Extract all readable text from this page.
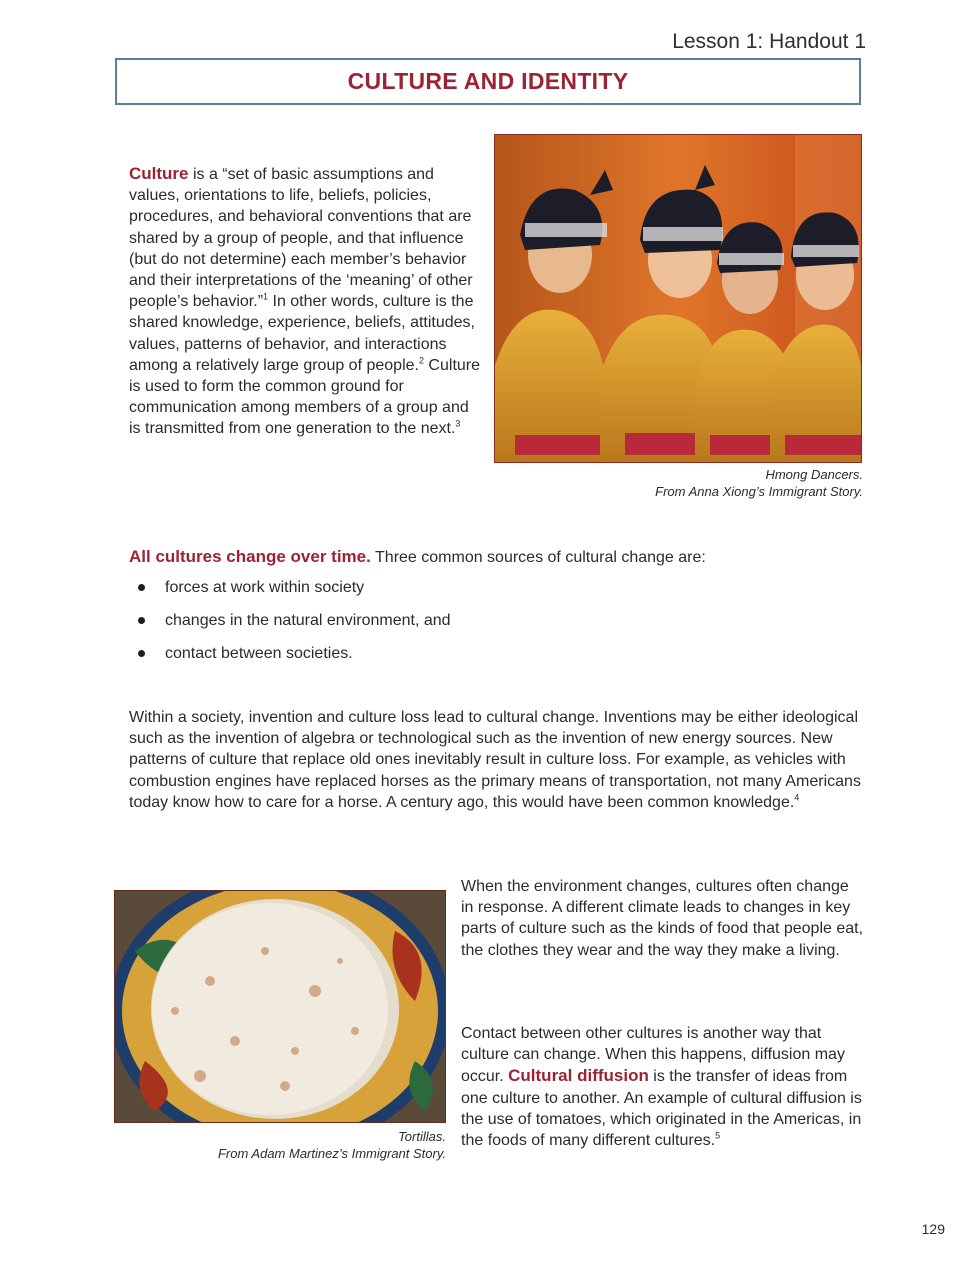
Lesson 1: Handout 1
CULTURE AND IDENTITY
Culture is a “set of basic assumptions and values, orientations to life, beliefs, policies, procedures, and behavioral conventions that are shared by a group of people, and that influence (but do not determine) each member’s behavior and their interpretations of the ‘meaning’ of other people’s behavior.”$^1$ In other words, culture is the shared knowledge, experience, beliefs, attitudes, values, patterns of behavior, and interactions among a relatively large group of people.$^2$ Culture is used to form the common ground for communication among members of a group and is transmitted from one generation to the next.$^3$
Hmong Dancers.
From Anna Xiong’s Immigrant Story.
All cultures change over time. Three common sources of cultural change are:
forces at work within society
changes in the natural environment, and
contact between societies.
Within a society, invention and culture loss lead to cultural change. Inventions may be either ideological such as the invention of algebra or technological such as the invention of new energy sources. New patterns of culture that replace old ones inevitably result in culture loss. For example, as vehicles with combustion engines have replaced horses as the primary means of transportation, not many Americans today know how to care for a horse. A century ago, this would have been common knowledge.$^4$
Tortillas.
From Adam Martinez’s Immigrant Story.
When the environment changes, cultures often change in response. A different climate leads to changes in key parts of culture such as the kinds of food that people eat, the clothes they wear and the way they make a living.
Contact between other cultures is another way that culture can change. When this happens, diffusion may occur. Cultural diffusion is the transfer of ideas from one culture to another. An example of cultural diffusion is the use of tomatoes, which originated in the Americas, in the foods of many different cultures.$^5$
129
